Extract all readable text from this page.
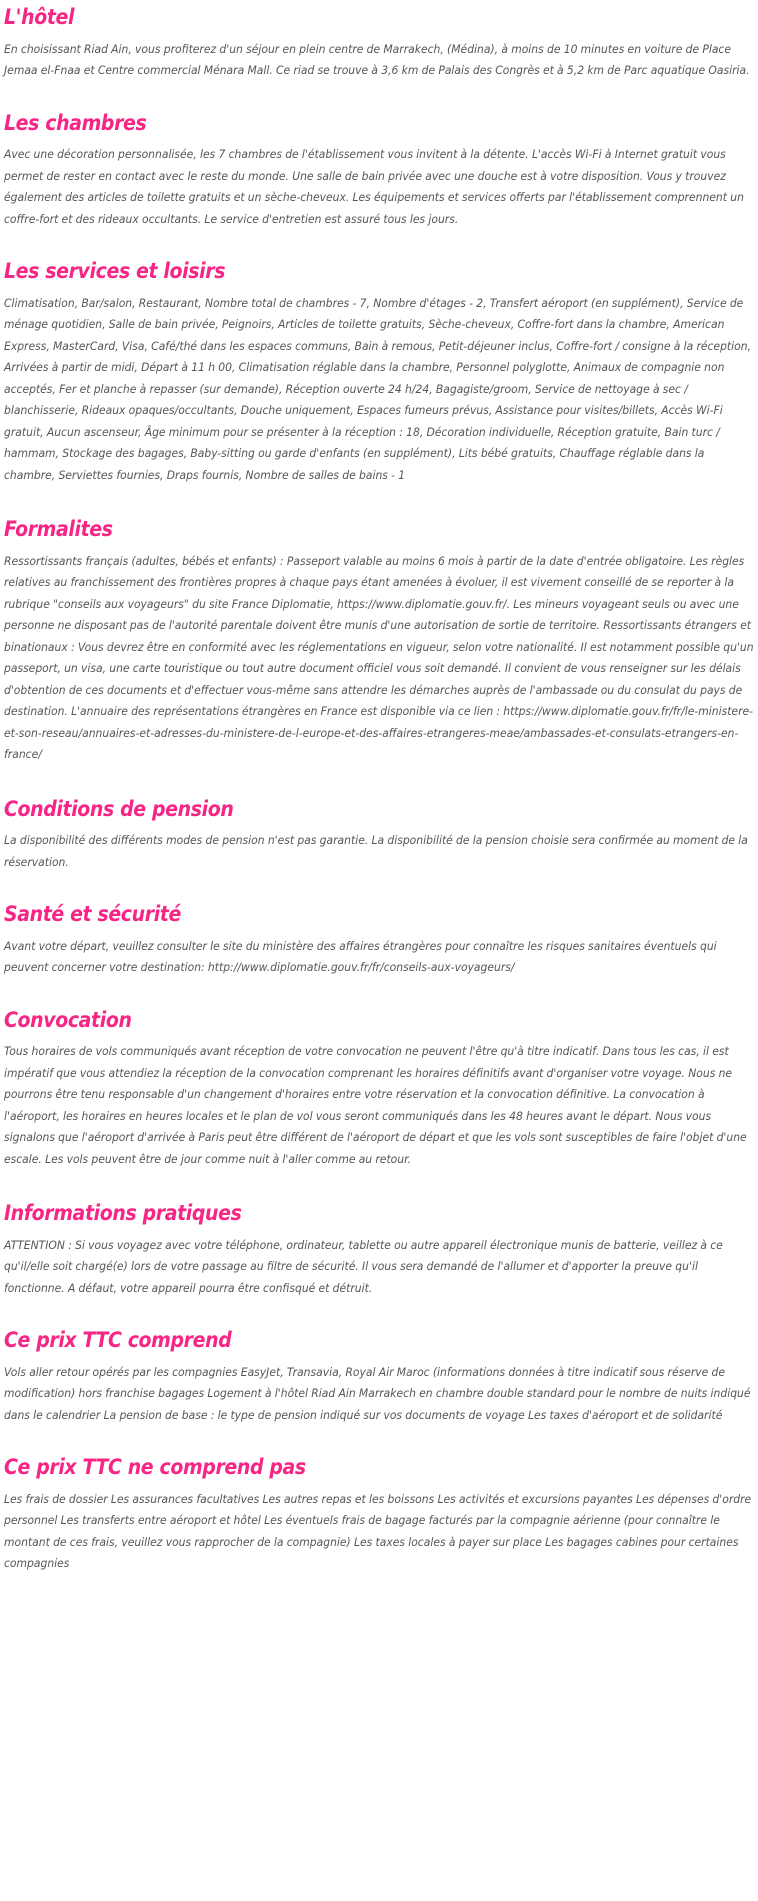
L'hôtel

En choisissant Riad Ain, vous profiterez d'un séjour en plein centre de Marrakech, (Médina), à moins de 10 minutes en voiture de Place Jemaa el-Fnaa et Centre commercial Ménara Mall. Ce riad se trouve à 3,6 km de Palais des Congrès et à 5,2 km de Parc aquatique Oasiria.

Les chambres

Avec une décoration personnalisée, les 7 chambres de l'établissement vous invitent à la détente. L'accès Wi-Fi à Internet gratuit vous permet de rester en contact avec le reste du monde. Une salle de bain privée avec une douche est à votre disposition. Vous y trouvez également des articles de toilette gratuits et un sèche-cheveux. Les équipements et services offerts par l'établissement comprennent un coffre-fort et des rideaux occultants. Le service d'entretien est assuré tous les jours.

Les services et loisirs

Climatisation, Bar/salon, Restaurant, Nombre total de chambres - 7, Nombre d'étages - 2, Transfert aéroport (en supplément), Service de ménage quotidien, Salle de bain privée, Peignoirs, Articles de toilette gratuits, Sèche-cheveux, Coffre-fort dans la chambre, American Express, MasterCard, Visa, Café/thé dans les espaces communs, Bain à remous, Petit-déjeuner inclus, Coffre-fort / consigne à la réception, Arrivées à partir de midi, Départ à 11 h 00, Climatisation réglable dans la chambre, Personnel polyglotte, Animaux de compagnie non acceptés, Fer et planche à repasser (sur demande), Réception ouverte 24 h/24, Bagagiste/groom, Service de nettoyage à sec / blanchisserie, Rideaux opaques/occultants, Douche uniquement, Espaces fumeurs prévus, Assistance pour visites/billets, Accès Wi-Fi gratuit, Aucun ascenseur, Âge minimum pour se présenter à la réception : 18, Décoration individuelle, Réception gratuite, Bain turc / hammam, Stockage des bagages, Baby-sitting ou garde d'enfants (en supplément), Lits bébé gratuits, Chauffage réglable dans la chambre, Serviettes fournies, Draps fournis, Nombre de salles de bains - 1

Formalites

Ressortissants français (adultes, bébés et enfants) : Passeport valable au moins 6 mois à partir de la date d'entrée obligatoire. Les règles relatives au franchissement des frontières propres à chaque pays étant amenées à évoluer, il est vivement conseillé de se reporter à la rubrique "conseils aux voyageurs" du site France Diplomatie, https://www.diplomatie.gouv.fr/. Les mineurs voyageant seuls ou avec une personne ne disposant pas de l'autorité parentale doivent être munis d'une autorisation de sortie de territoire. Ressortissants étrangers et binationaux : Vous devrez être en conformité avec les réglementations en vigueur, selon votre nationalité. Il est notamment possible qu'un passeport, un visa, une carte touristique ou tout autre document officiel vous soit demandé. Il convient de vous renseigner sur les délais d'obtention de ces documents et d'effectuer vous-même sans attendre les démarches auprès de l'ambassade ou du consulat du pays de destination. L'annuaire des représentations étrangères en France est disponible via ce lien : https://www.diplomatie.gouv.fr/fr/le-ministere-et-son-reseau/annuaires-et-adresses-du-ministere-de-l-europe-et-des-affaires-etrangeres-meae/ambassades-et-consulats-etrangers-en-france/

Conditions de pension

La disponibilité des différents modes de pension n'est pas garantie. La disponibilité de la pension choisie sera confirmée au moment de la réservation.

Santé et sécurité

Avant votre départ, veuillez consulter le site du ministère des affaires étrangères pour connaître les risques sanitaires éventuels qui peuvent concerner votre destination: http://www.diplomatie.gouv.fr/fr/conseils-aux-voyageurs/

Convocation

Tous horaires de vols communiqués avant réception de votre convocation ne peuvent l'être qu'à titre indicatif. Dans tous les cas, il est impératif que vous attendiez la réception de la convocation comprenant les horaires définitifs avant d'organiser votre voyage. Nous ne pourrons être tenu responsable d'un changement d'horaires entre votre réservation et la convocation définitive. La convocation à l'aéroport, les horaires en heures locales et le plan de vol vous seront communiqués dans les 48 heures avant le départ. Nous vous signalons que l'aéroport d'arrivée à Paris peut être différent de l'aéroport de départ et que les vols sont susceptibles de faire l'objet d'une escale. Les vols peuvent être de jour comme nuit à l'aller comme au retour.

Informations pratiques

ATTENTION : Si vous voyagez avec votre téléphone, ordinateur, tablette ou autre appareil électronique munis de batterie, veillez à ce qu'il/elle soit chargé(e) lors de votre passage au filtre de sécurité. Il vous sera demandé de l'allumer et d'apporter la preuve qu'il fonctionne. A défaut, votre appareil pourra être confisqué et détruit.

Ce prix TTC comprend

Vols aller retour opérés par les compagnies EasyJet, Transavia, Royal Air Maroc (informations données à titre indicatif sous réserve de modification) hors franchise bagages Logement à l'hôtel Riad Ain Marrakech en chambre double standard pour le nombre de nuits indiqué dans le calendrier La pension de base : le type de pension indiqué sur vos documents de voyage Les taxes d'aéroport et de solidarité

Ce prix TTC ne comprend pas

Les frais de dossier Les assurances facultatives Les autres repas et les boissons Les activités et excursions payantes Les dépenses d'ordre personnel Les transferts entre aéroport et hôtel Les éventuels frais de bagage facturés par la compagnie aérienne (pour connaître le montant de ces frais, veuillez vous rapprocher de la compagnie) Les taxes locales à payer sur place Les bagages cabines pour certaines compagnies
